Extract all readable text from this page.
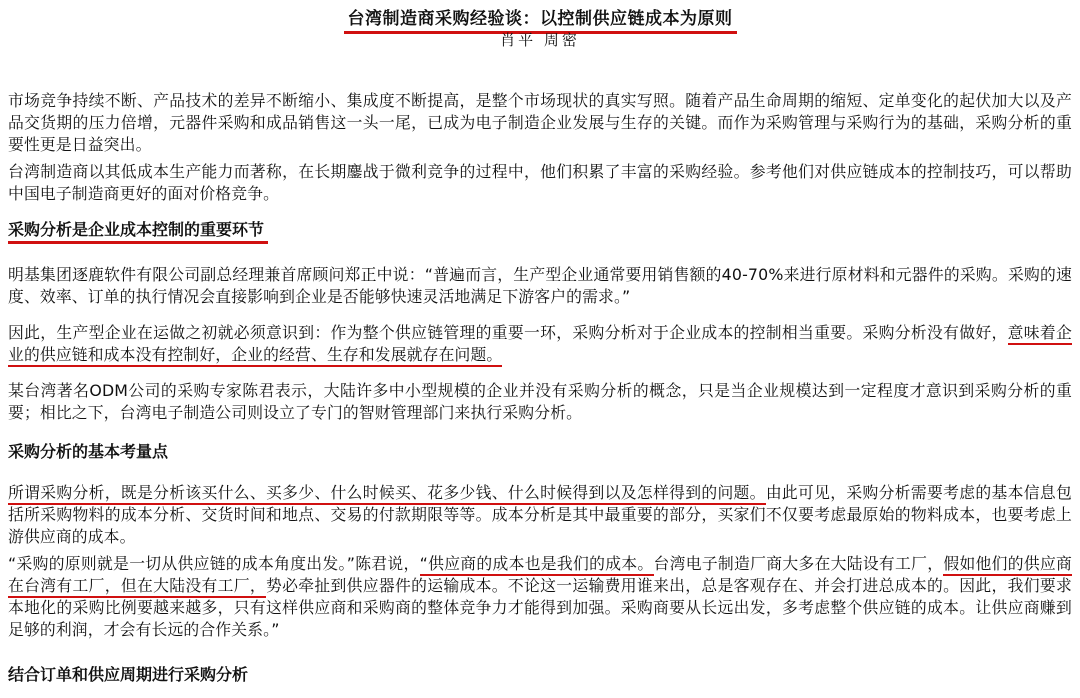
台湾制造商采购经验谈：以控制供应链成本为原则
肖平 周密

市场竞争持续不断、产品技术的差异不断缩小、集成度不断提高，是整个市场现状的真实写照。随着产品生命周期的缩短、定单变化的起伏加大以及产品交货期的压力倍增，元器件采购和成品销售这一头一尾，已成为电子制造企业发展与生存的关键。而作为采购管理与采购行为的基础，采购分析的重要性更是日益突出。

台湾制造商以其低成本生产能力而著称，在长期鏖战于微利竞争的过程中，他们积累了丰富的采购经验。参考他们对供应链成本的控制技巧，可以帮助中国电子制造商更好的面对价格竞争。

采购分析是企业成本控制的重要环节

明基集团逐鹿软件有限公司副总经理兼首席顾问郑正中说：“普遍而言，生产型企业通常要用销售额的40-70%来进行原材料和元器件的采购。采购的速度、效率、订单的执行情况会直接影响到企业是否能够快速灵活地满足下游客户的需求。”

因此，生产型企业在运做之初就必须意识到：作为整个供应链管理的重要一环，采购分析对于企业成本的控制相当重要。采购分析没有做好，意味着企业的供应链和成本没有控制好，企业的经营、生存和发展就存在问题。

某台湾著名ODM公司的采购专家陈君表示，大陆许多中小型规模的企业并没有采购分析的概念，只是当企业规模达到一定程度才意识到采购分析的重要；相比之下，台湾电子制造公司则设立了专门的智财管理部门来执行采购分析。

采购分析的基本考量点

所谓采购分析，既是分析该买什么、买多少、什么时候买、花多少钱、什么时候得到以及怎样得到的问题。由此可见，采购分析需要考虑的基本信息包括所采购物料的成本分析、交货时间和地点、交易的付款期限等等。成本分析是其中最重要的部分，买家们不仅要考虑最原始的物料成本，也要考虑上游供应商的成本。

“采购的原则就是一切从供应链的成本角度出发。”陈君说，“供应商的成本也是我们的成本。台湾电子制造厂商大多在大陆设有工厂，假如他们的供应商在台湾有工厂，但在大陆没有工厂，势必牵扯到供应器件的运输成本。不论这一运输费用谁来出，总是客观存在、并会打进总成本的。因此，我们要求本地化的采购比例要越来越多，只有这样供应商和采购商的整体竞争力才能得到加强。采购商要从长远出发，多考虑整个供应链的成本。让供应商赚到足够的利润，才会有长远的合作关系。”

结合订单和供应周期进行采购分析
